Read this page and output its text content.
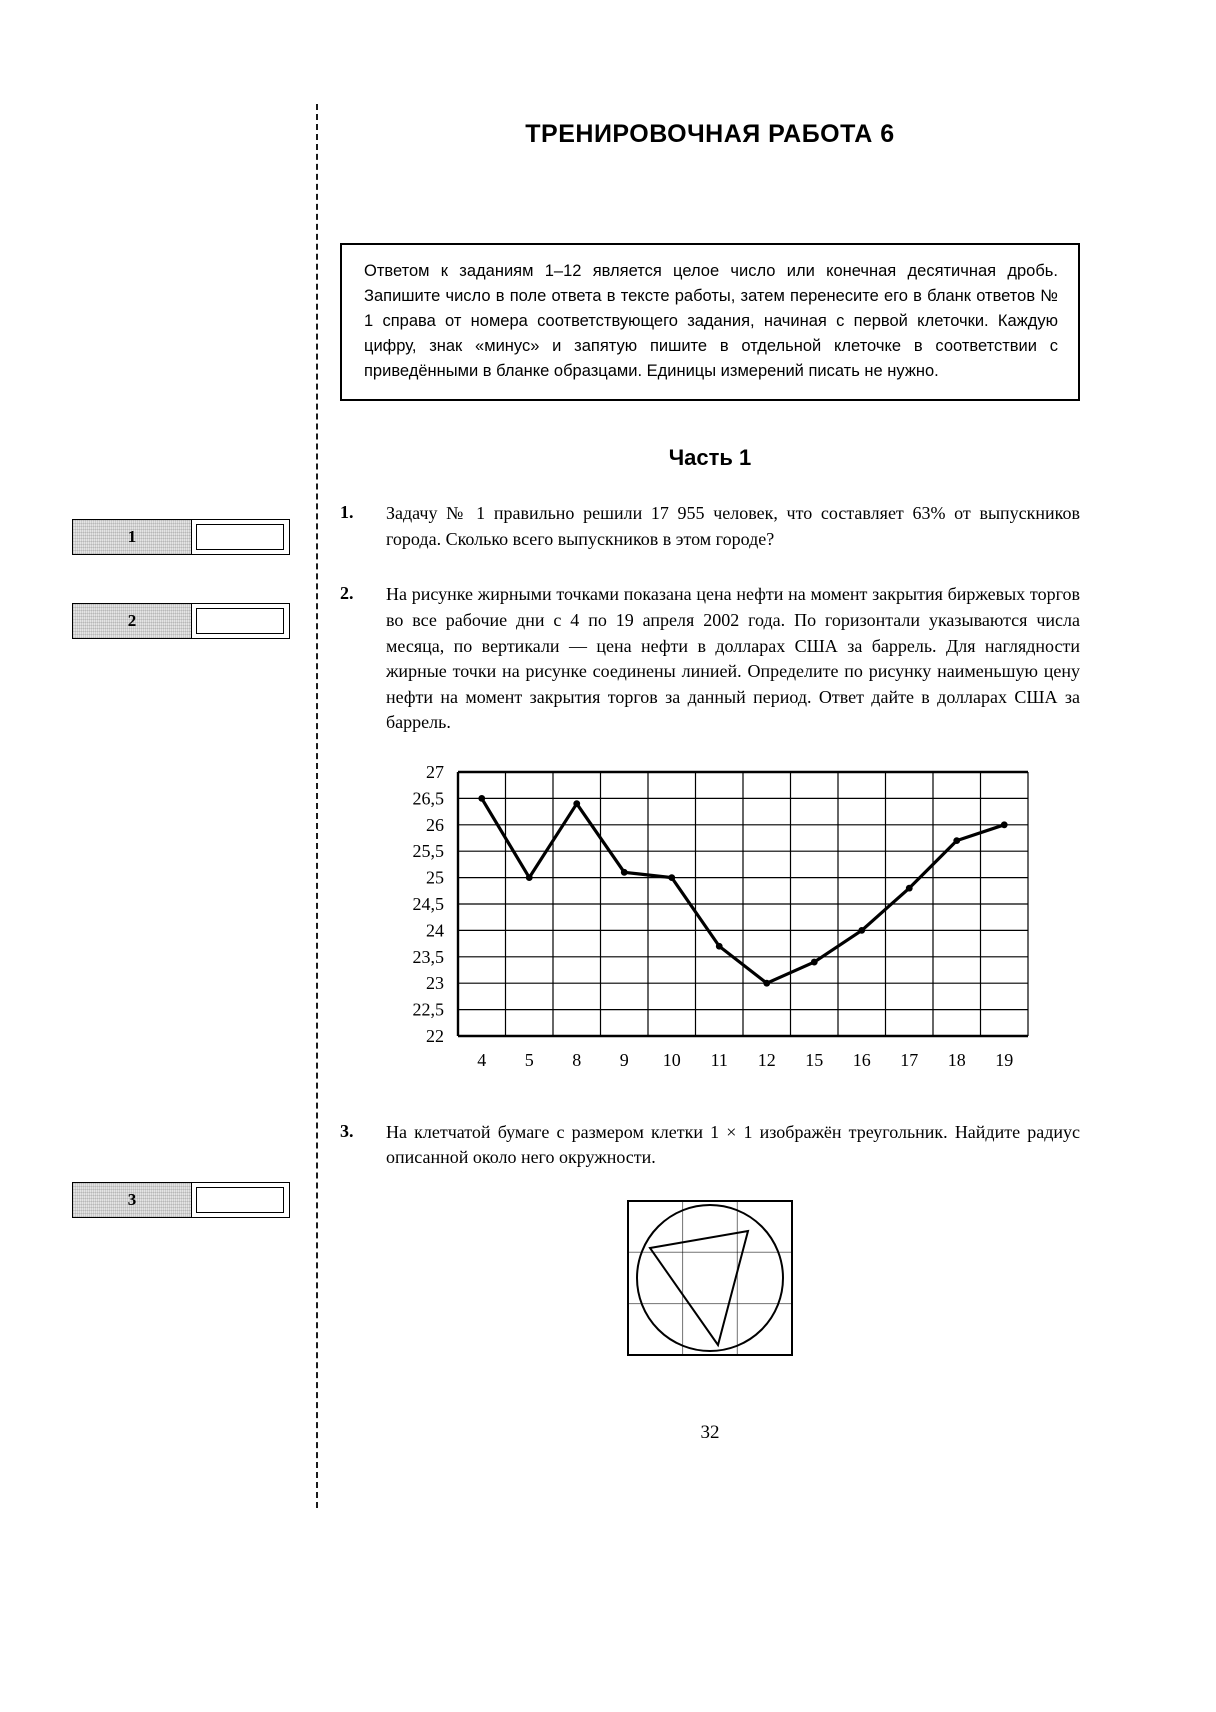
1
2
3
ТРЕНИРОВОЧНАЯ РАБОТА 6
Ответом к заданиям 1–12 является целое число или конечная десятичная дробь. Запишите число в поле ответа в тексте работы, затем перенесите его в бланк ответов № 1 справа от номера соответствующего задания, начиная с первой клеточки. Каждую цифру, знак «минус» и запятую пишите в отдельной клеточке в соответствии с приведёнными в бланке образцами. Единицы измерений писать не нужно.
Часть 1
1.	Задачу № 1 правильно решили 17 955 человек, что составляет 63% от выпускников города. Сколько всего выпускников в этом городе?
2.	На рисунке жирными точками показана цена нефти на момент закрытия биржевых торгов во все рабочие дни с 4 по 19 апреля 2002 года. По горизонтали указываются числа месяца, по вертикали — цена нефти в долларах США за баррель. Для наглядности жирные точки на рисунке соединены линией. Определите по рисунку наименьшую цену нефти на момент закрытия торгов за данный период. Ответ дайте в долларах США за баррель.
27
26,5
26
25,5
25
24,5
24
23,5
23
22,5
22
4 5 8 9 10 11 12 15 16 17 18 19
3.	На клетчатой бумаге с размером клетки 1 × 1 изображён треугольник. Найдите радиус описанной около него окружности.
32
